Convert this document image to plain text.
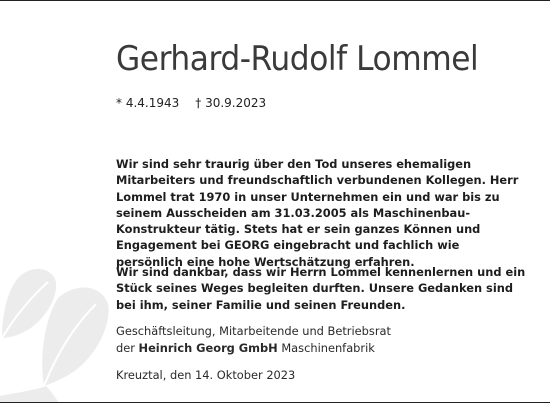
Gerhard-Rudolf Lommel
* 4.4.1943 † 30.9.2023

Wir sind sehr traurig über den Tod unseres ehemaligen Mitarbeiters und freundschaftlich verbundenen Kollegen. Herr Lommel trat 1970 in unser Unternehmen ein und war bis zu seinem Ausscheiden am 31.03.2005 als Maschinenbau-Konstrukteur tätig. Stets hat er sein ganzes Können und Engagement bei GEORG eingebracht und fachlich wie persönlich eine hohe Wertschätzung erfahren.

Wir sind dankbar, dass wir Herrn Lommel kennenlernen und ein Stück seines Weges begleiten durften. Unsere Gedanken sind bei ihm, seiner Familie und seinen Freunden.

Geschäftsleitung, Mitarbeitende und Betriebsrat
der Heinrich Georg GmbH Maschinenfabrik
Kreuztal, den 14. Oktober 2023
